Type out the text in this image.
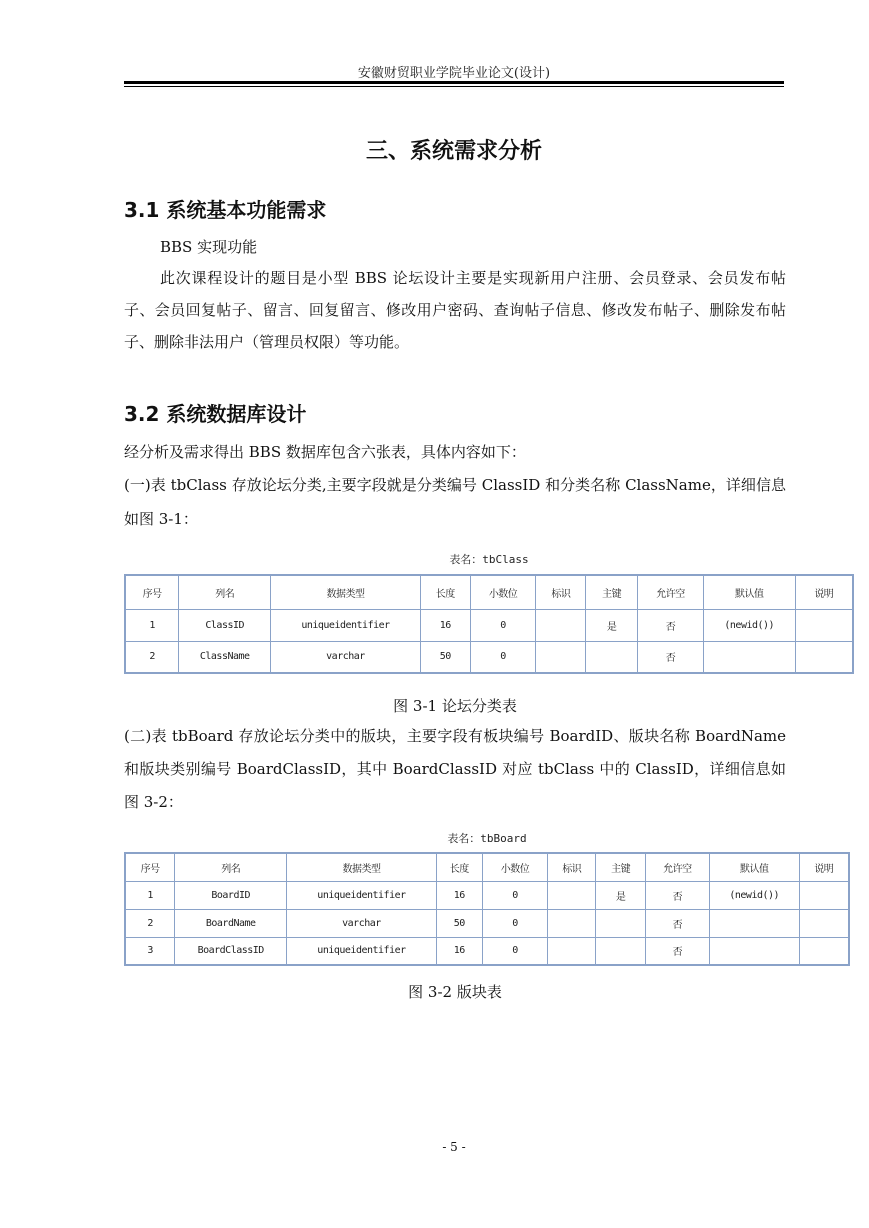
安徽财贸职业学院毕业论文(设计)
三、系统需求分析
3.1 系统基本功能需求
BBS 实现功能
此次课程设计的题目是小型 BBS 论坛设计主要是实现新用户注册、会员登录、会员发布帖子、会员回复帖子、留言、回复留言、修改用户密码、查询帖子信息、修改发布帖子、删除发布帖子、删除非法用户（管理员权限）等功能。
3.2 系统数据库设计
经分析及需求得出 BBS 数据库包含六张表，具体内容如下：
(一)表 tbClass 存放论坛分类,主要字段就是分类编号 ClassID 和分类名称 ClassName，详细信息如图 3-1：
表名：tbClass
序号	列名	数据类型	长度	小数位	标识	主键	允许空	默认值	说明
1	ClassID	uniqueidentifier	16	0		是	否	(newid())	
2	ClassName	varchar	50	0			否		
图 3-1 论坛分类表
(二)表 tbBoard 存放论坛分类中的版块，主要字段有板块编号 BoardID、版块名称 BoardName 和版块类别编号 BoardClassID，其中 BoardClassID 对应 tbClass 中的 ClassID，详细信息如图 3-2：
表名：tbBoard
序号	列名	数据类型	长度	小数位	标识	主键	允许空	默认值	说明
1	BoardID	uniqueidentifier	16	0		是	否	(newid())	
2	BoardName	varchar	50	0			否		
3	BoardClassID	uniqueidentifier	16	0			否		
图 3-2 版块表
- 5 -
